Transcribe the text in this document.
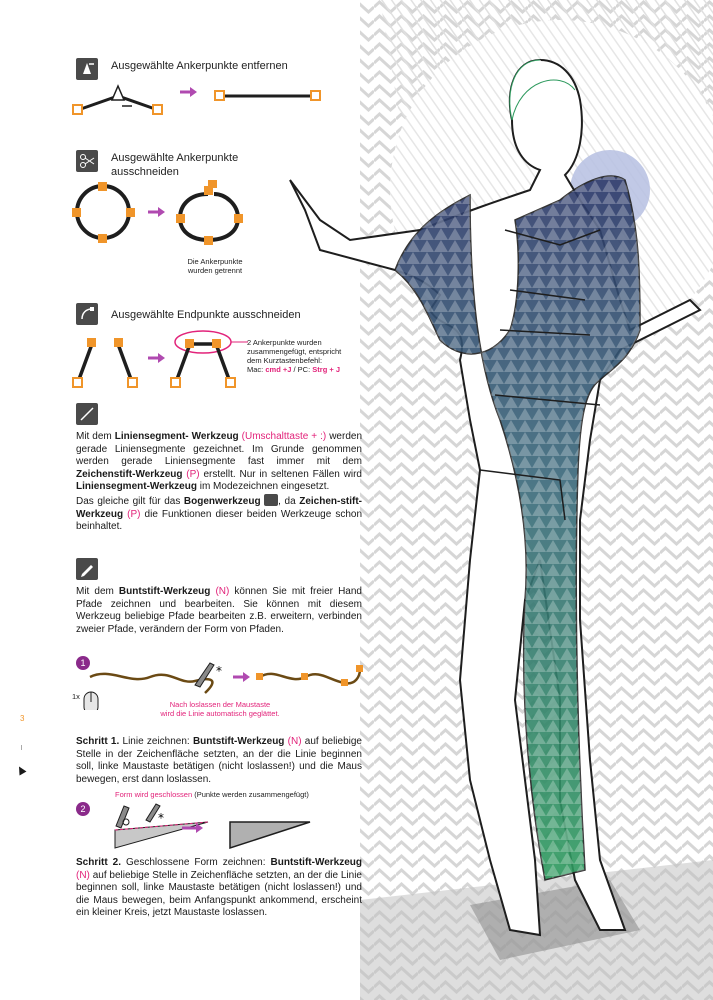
Ausgewählte Ankerpunkte entfernen
Ausgewählte Ankerpunkte
ausschneiden
Die Ankerpunkte
wurden getrennt
Ausgewählte Endpunkte ausschneiden
2 Ankerpunkte wurden
zusammengefügt, entspricht
dem Kurztastenbefehl:
Mac: cmd +J / PC: Strg + J
Mit dem Liniensegment- Werkzeug (Umschalttaste + :) werden gerade Liniensegmente gezeichnet. Im Grunde genommen werden gerade Liniensegmente fast immer mit dem Zeichenstift-Werkzeug (P) erstellt. Nur in seltenen Fällen wird Liniensegment-Werkzeug im Modezeichnen eingesetzt.
Das gleiche gilt für das Bogenwerkzeug , da Zeichen-stift-Werkzeug (P) die Funktionen dieser beiden Werkzeuge schon beinhaltet.
Mit dem Buntstift-Werkzeug (N) können Sie mit freier Hand Pfade zeichnen und bearbeiten. Sie können mit diesem Werkzeug beliebige Pfade bearbeiten z.B. erweitern, verbinden zweier Pfade, verändern der Form von Pfaden.
1
*
1x
Nach loslassen der Maustaste
wird die Linie automatisch geglättet.
Schritt 1. Linie zeichnen: Buntstift-Werkzeug (N) auf beliebige Stelle in der Zeichenfläche setzten, an der die Linie beginnen soll, linke Maustaste betätigen (nicht loslassen!) und die Maus bewegen, erst dann loslassen.
2
Form wird geschlossen (Punkte werden zusammengefügt)
*
Schritt 2. Geschlossene Form zeichnen: Buntstift-Werkzeug (N) auf beliebige Stelle in Zeichenfläche setzten, an der die Linie beginnen soll, linke Maustaste betätigen (nicht loslassen!) und die Maus bewegen, beim Anfangspunkt ankommend, erscheint ein kleiner Kreis, jetzt Maustaste loslassen.
3
